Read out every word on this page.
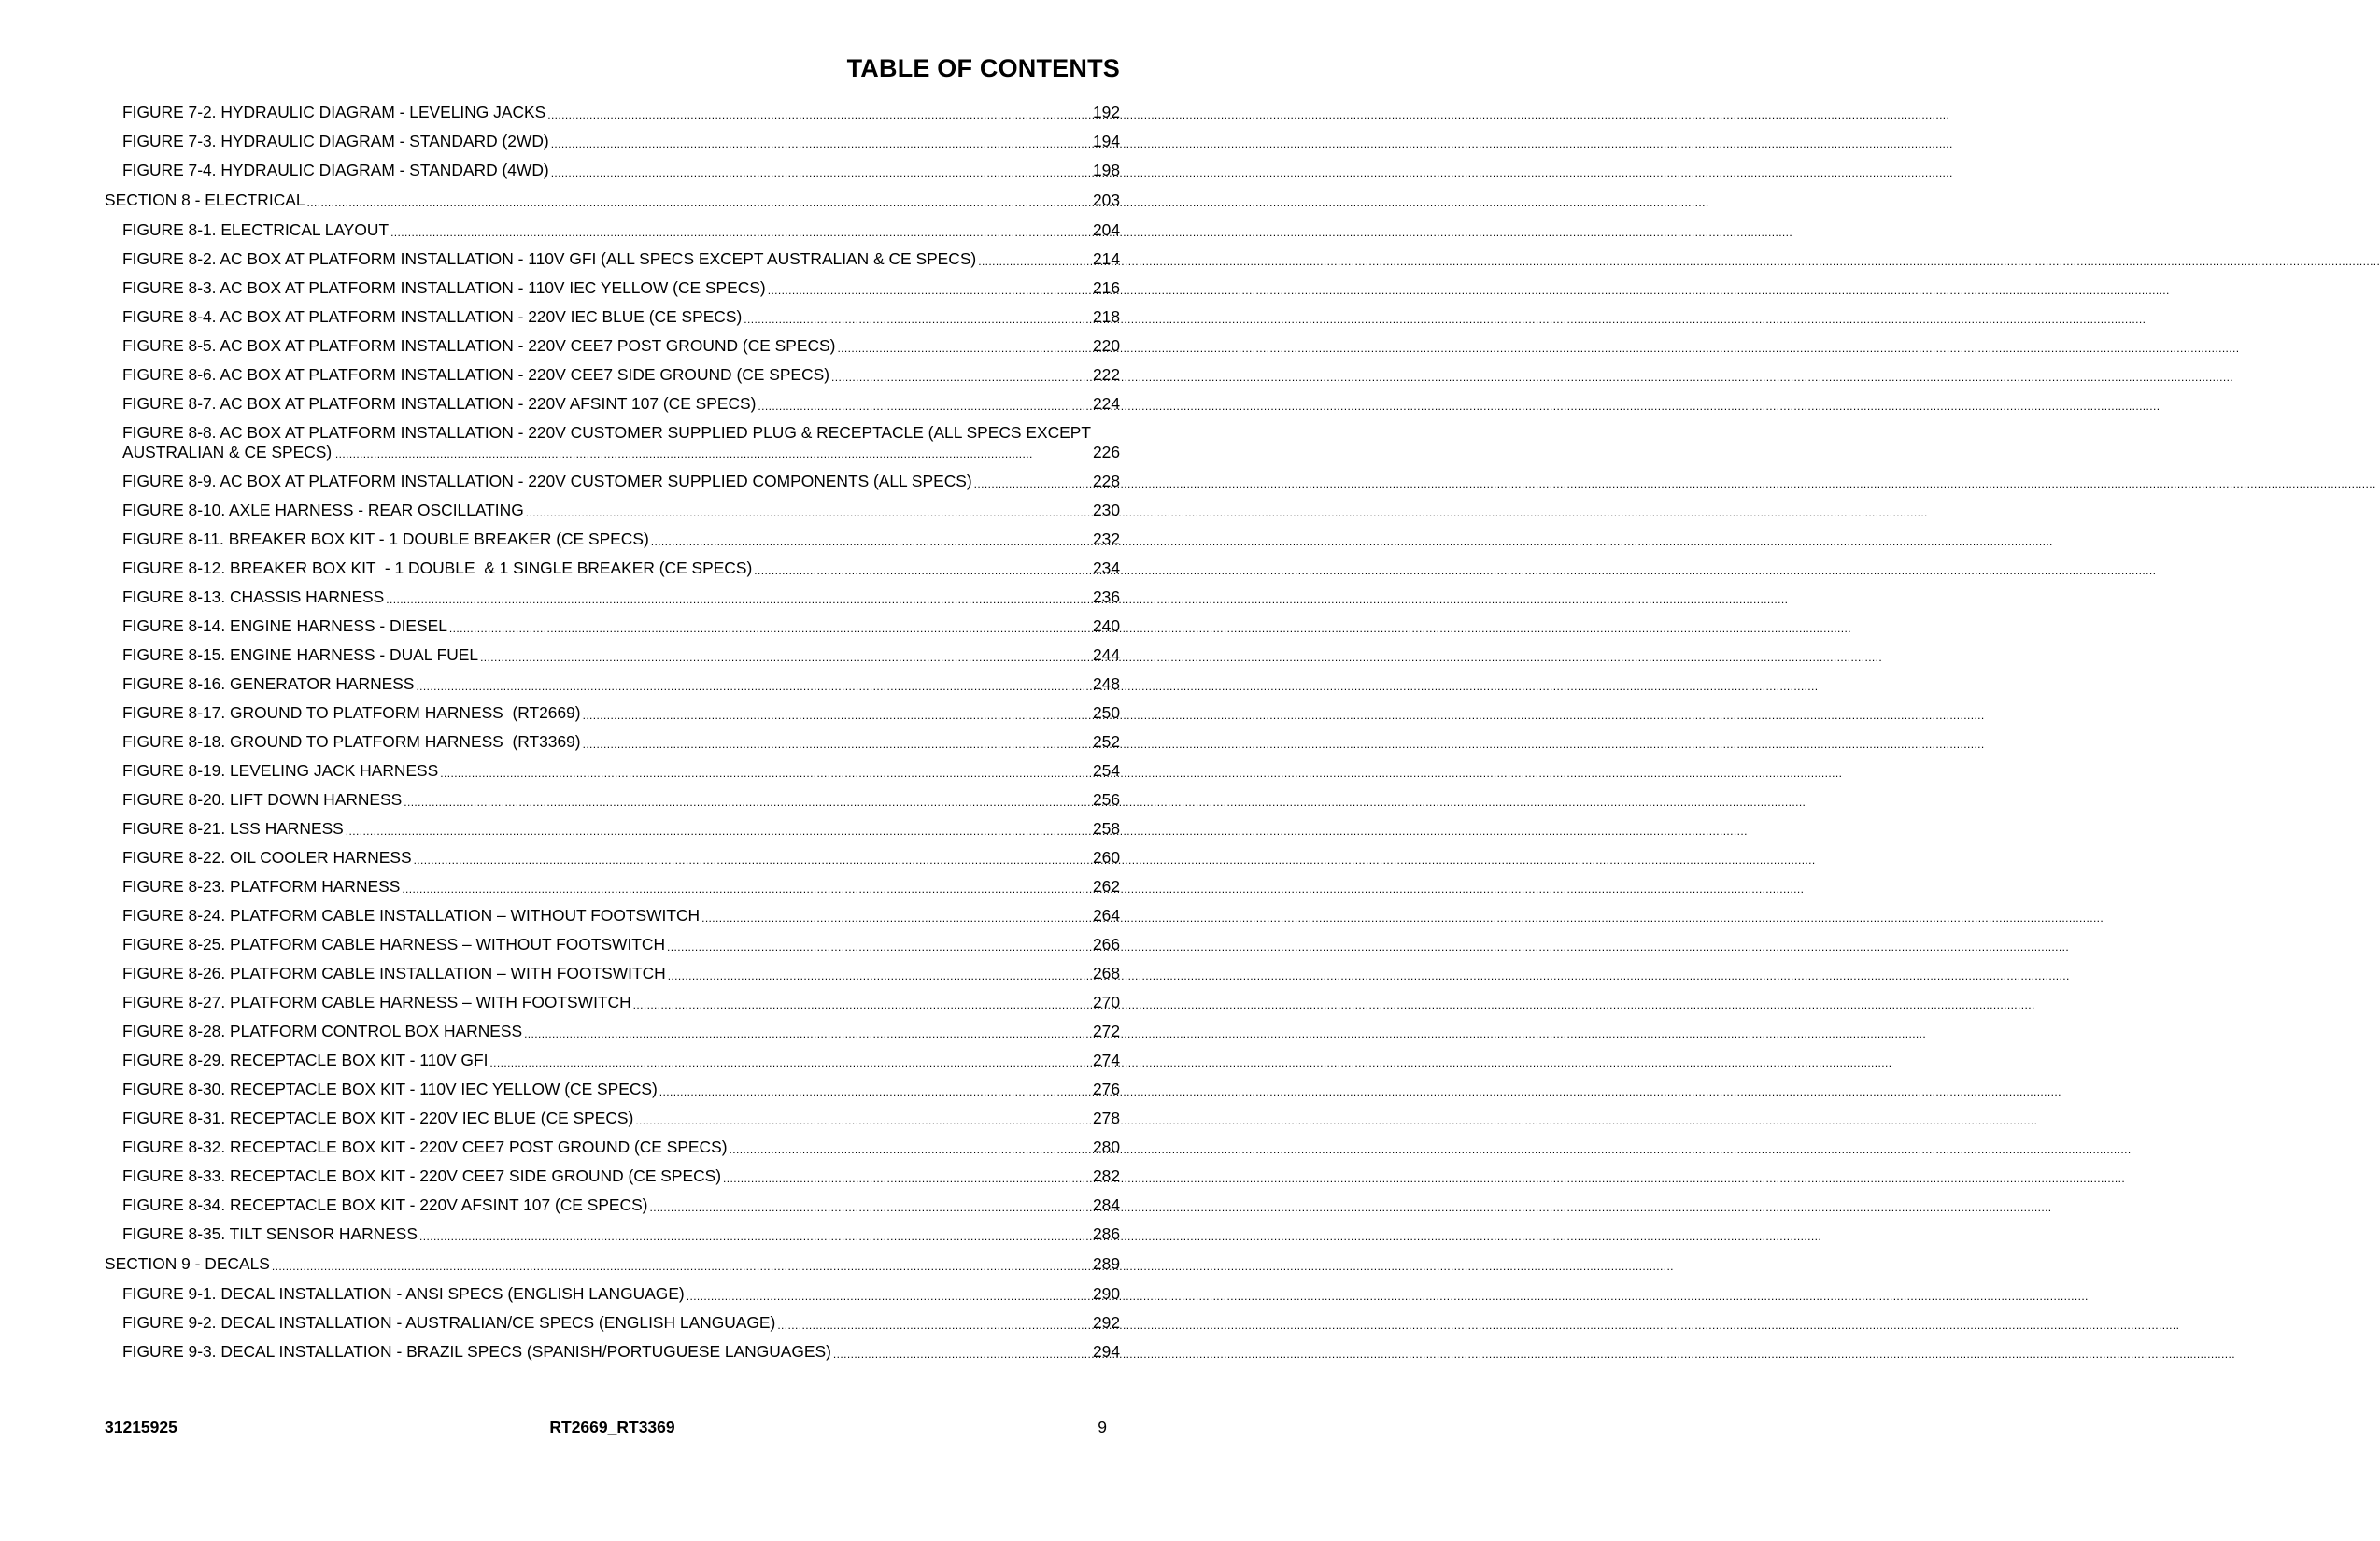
TABLE OF CONTENTS
FIGURE 7-2. HYDRAULIC DIAGRAM - LEVELING JACKS .....	192
FIGURE 7-3. HYDRAULIC DIAGRAM - STANDARD (2WD) .....	194
FIGURE 7-4. HYDRAULIC DIAGRAM - STANDARD (4WD) .....	198
SECTION 8 - ELECTRICAL .....	203
FIGURE 8-1. ELECTRICAL LAYOUT .....	204
FIGURE 8-2. AC BOX AT PLATFORM INSTALLATION - 110V GFI (ALL SPECS EXCEPT AUSTRALIAN & CE SPECS) .....	214
FIGURE 8-3. AC BOX AT PLATFORM INSTALLATION - 110V IEC YELLOW (CE SPECS) .....	216
FIGURE 8-4. AC BOX AT PLATFORM INSTALLATION - 220V IEC BLUE (CE SPECS) .....	218
FIGURE 8-5. AC BOX AT PLATFORM INSTALLATION - 220V CEE7 POST GROUND (CE SPECS) .....	220
FIGURE 8-6. AC BOX AT PLATFORM INSTALLATION - 220V CEE7 SIDE GROUND (CE SPECS) .....	222
FIGURE 8-7. AC BOX AT PLATFORM INSTALLATION - 220V AFSINT 107 (CE SPECS) .....	224
FIGURE 8-8. AC BOX AT PLATFORM INSTALLATION - 220V CUSTOMER SUPPLIED PLUG & RECEPTACLE (ALL SPECS EXCEPT AUSTRALIAN & CE SPECS) ........................................................................................................................................................................................................	226
FIGURE 8-9. AC BOX AT PLATFORM INSTALLATION - 220V CUSTOMER SUPPLIED COMPONENTS (ALL SPECS) .....	228
FIGURE 8-10. AXLE HARNESS - REAR OSCILLATING .....	230
FIGURE 8-11. BREAKER BOX KIT - 1 DOUBLE BREAKER (CE SPECS) .....	232
FIGURE 8-12. BREAKER BOX KIT  - 1 DOUBLE  & 1 SINGLE BREAKER (CE SPECS) .....	234
FIGURE 8-13. CHASSIS HARNESS .....	236
FIGURE 8-14. ENGINE HARNESS - DIESEL .....	240
FIGURE 8-15. ENGINE HARNESS - DUAL FUEL .....	244
FIGURE 8-16. GENERATOR HARNESS .....	248
FIGURE 8-17. GROUND TO PLATFORM HARNESS  (RT2669) .....	250
FIGURE 8-18. GROUND TO PLATFORM HARNESS  (RT3369) .....	252
FIGURE 8-19. LEVELING JACK HARNESS .....	254
FIGURE 8-20. LIFT DOWN HARNESS .....	256
FIGURE 8-21. LSS HARNESS .....	258
FIGURE 8-22. OIL COOLER HARNESS .....	260
FIGURE 8-23. PLATFORM HARNESS .....	262
FIGURE 8-24. PLATFORM CABLE INSTALLATION – WITHOUT FOOTSWITCH .....	264
FIGURE 8-25. PLATFORM CABLE HARNESS – WITHOUT FOOTSWITCH .....	266
FIGURE 8-26. PLATFORM CABLE INSTALLATION – WITH FOOTSWITCH .....	268
FIGURE 8-27. PLATFORM CABLE HARNESS – WITH FOOTSWITCH .....	270
FIGURE 8-28. PLATFORM CONTROL BOX HARNESS .....	272
FIGURE 8-29. RECEPTACLE BOX KIT - 110V GFI .....	274
FIGURE 8-30. RECEPTACLE BOX KIT - 110V IEC YELLOW (CE SPECS) .....	276
FIGURE 8-31. RECEPTACLE BOX KIT - 220V IEC BLUE (CE SPECS) .....	278
FIGURE 8-32. RECEPTACLE BOX KIT - 220V CEE7 POST GROUND (CE SPECS) .....	280
FIGURE 8-33. RECEPTACLE BOX KIT - 220V CEE7 SIDE GROUND (CE SPECS) .....	282
FIGURE 8-34. RECEPTACLE BOX KIT - 220V AFSINT 107 (CE SPECS) .....	284
FIGURE 8-35. TILT SENSOR HARNESS .....	286
SECTION 9 - DECALS .....	289
FIGURE 9-1. DECAL INSTALLATION - ANSI SPECS (ENGLISH LANGUAGE) .....	290
FIGURE 9-2. DECAL INSTALLATION - AUSTRALIAN/CE SPECS (ENGLISH LANGUAGE) .....	292
FIGURE 9-3. DECAL INSTALLATION - BRAZIL SPECS (SPANISH/PORTUGUESE LANGUAGES) .....	294
31215925	RT2669_RT3369	9
